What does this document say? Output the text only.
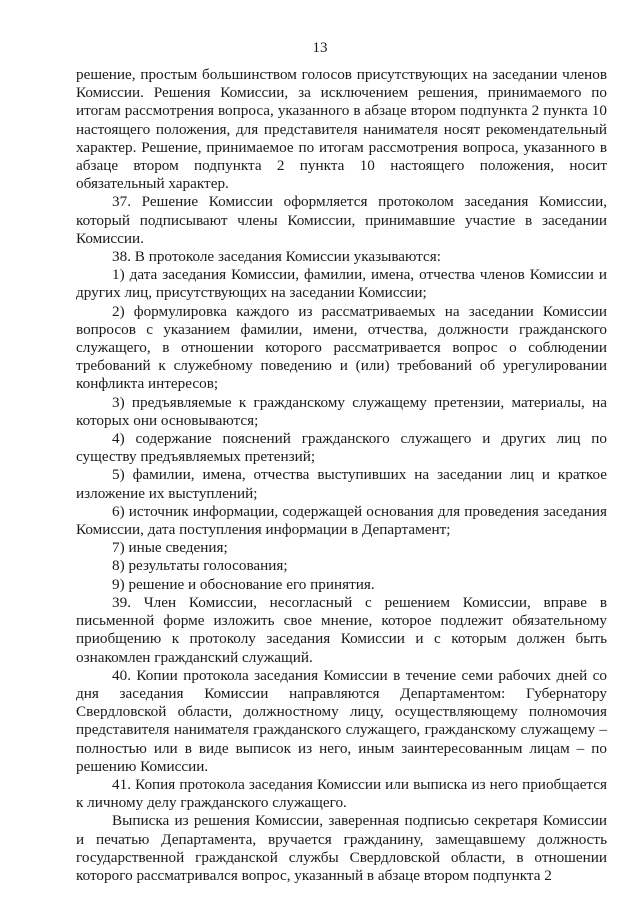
13

решение, простым большинством голосов присутствующих на заседании членов Комиссии. Решения Комиссии, за исключением решения, принимаемого по итогам рассмотрения вопроса, указанного в абзаце втором подпункта 2 пункта 10 настоящего положения, для представителя нанимателя носят рекомендательный характер. Решение, принимаемое по итогам рассмотрения вопроса, указанного в абзаце втором подпункта 2 пункта 10 настоящего положения, носит обязательный характер.

37. Решение Комиссии оформляется протоколом заседания Комиссии, который подписывают члены Комиссии, принимавшие участие в заседании Комиссии.

38. В протоколе заседания Комиссии указываются:

1) дата заседания Комиссии, фамилии, имена, отчества членов Комиссии и других лиц, присутствующих на заседании Комиссии;

2) формулировка каждого из рассматриваемых на заседании Комиссии вопросов с указанием фамилии, имени, отчества, должности гражданского служащего, в отношении которого рассматривается вопрос о соблюдении требований к служебному поведению и (или) требований об урегулировании конфликта интересов;

3) предъявляемые к гражданскому служащему претензии, материалы, на которых они основываются;

4) содержание пояснений гражданского служащего и других лиц по существу предъявляемых претензий;

5) фамилии, имена, отчества выступивших на заседании лиц и краткое изложение их выступлений;

6) источник информации, содержащей основания для проведения заседания Комиссии, дата поступления информации в Департамент;

7) иные сведения;

8) результаты голосования;

9) решение и обоснование его принятия.

39. Член Комиссии, несогласный с решением Комиссии, вправе в письменной форме изложить свое мнение, которое подлежит обязательному приобщению к протоколу заседания Комиссии и с которым должен быть ознакомлен гражданский служащий.

40. Копии протокола заседания Комиссии в течение семи рабочих дней со дня заседания Комиссии направляются Департаментом: Губернатору Свердловской области, должностному лицу, осуществляющему полномочия представителя нанимателя гражданского служащего, гражданскому служащему – полностью или в виде выписок из него, иным заинтересованным лицам – по решению Комиссии.

41. Копия протокола заседания Комиссии или выписка из него приобщается к личному делу гражданского служащего.

Выписка из решения Комиссии, заверенная подписью секретаря Комиссии и печатью Департамента, вручается гражданину, замещавшему должность государственной гражданской службы Свердловской области, в отношении которого рассматривался вопрос, указанный в абзаце втором подпункта 2
